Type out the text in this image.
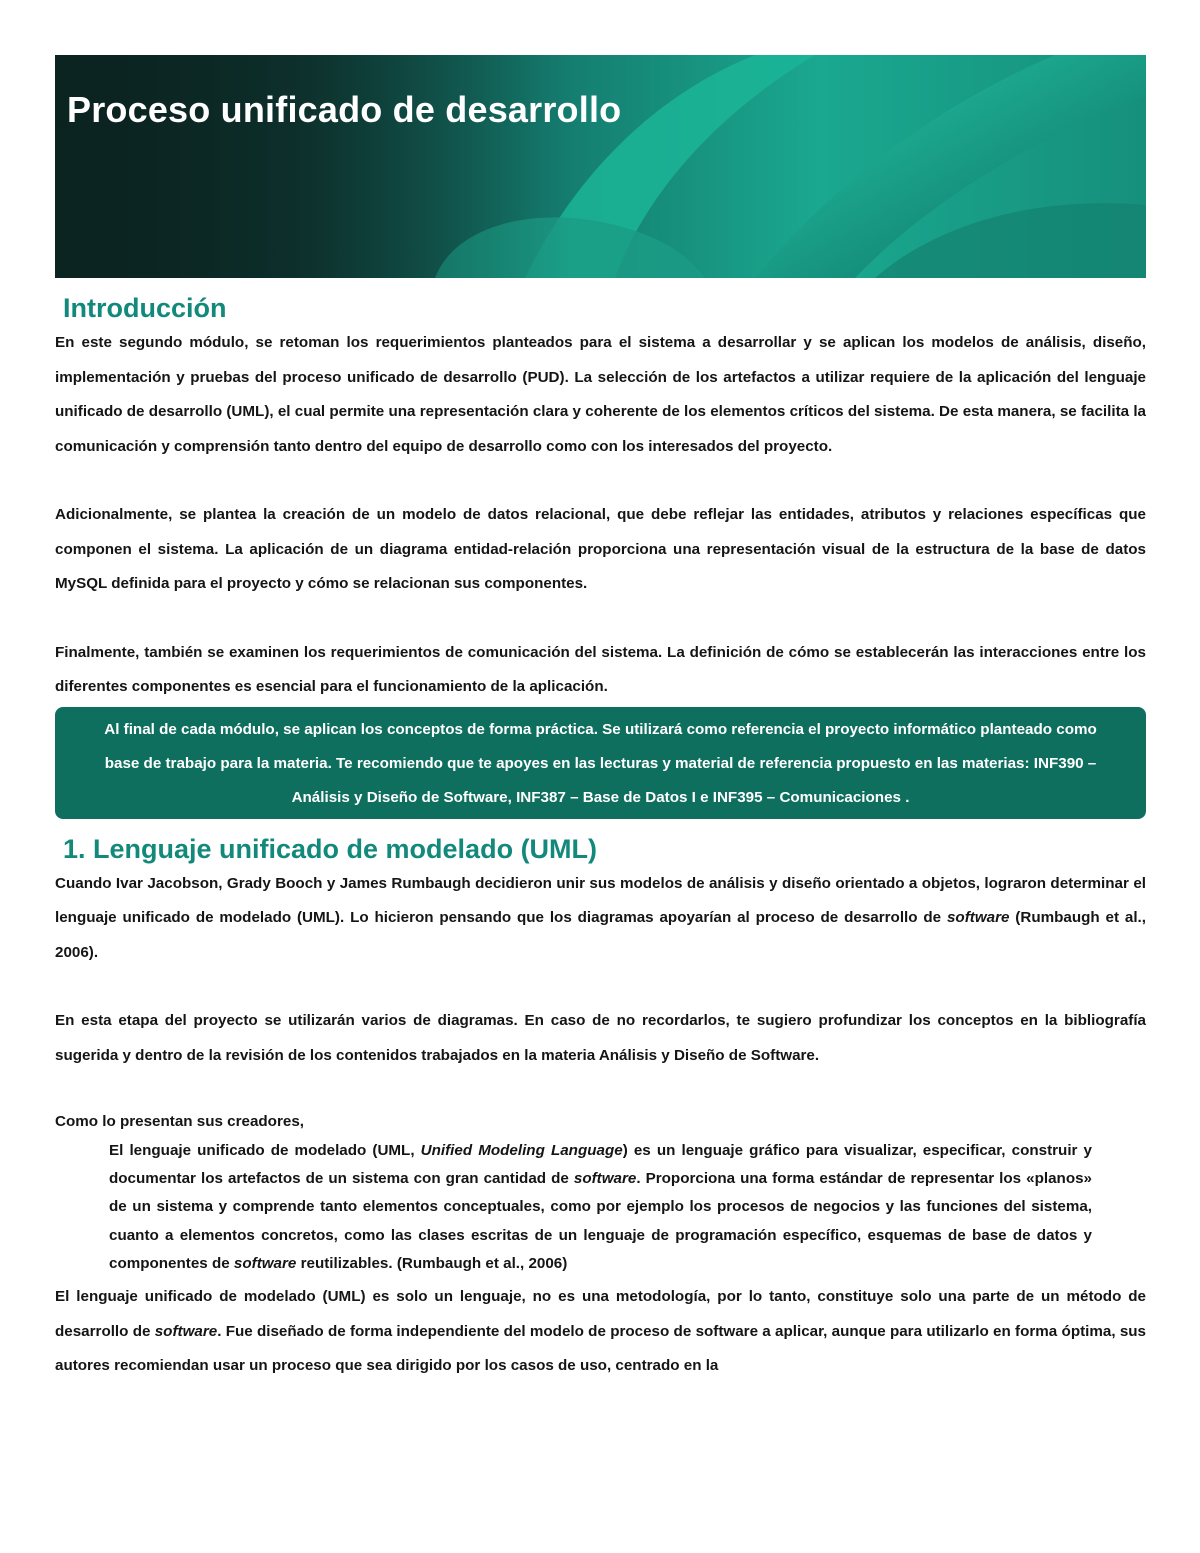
Proceso unificado de desarrollo
Introducción

En este segundo módulo, se retoman los requerimientos planteados para el sistema a desarrollar y se aplican los modelos de análisis, diseño, implementación y pruebas del proceso unificado de desarrollo (PUD). La selección de los artefactos a utilizar requiere de la aplicación del lenguaje unificado de desarrollo (UML), el cual permite una representación clara y coherente de los elementos críticos del sistema. De esta manera, se facilita la comunicación y comprensión tanto dentro del equipo de desarrollo como con los interesados del proyecto.

Adicionalmente, se plantea la creación de un modelo de datos relacional, que debe reflejar las entidades, atributos y relaciones específicas que componen el sistema. La aplicación de un diagrama entidad-relación proporciona una representación visual de la estructura de la base de datos MySQL definida para el proyecto y cómo se relacionan sus componentes.

Finalmente, también se examinen los requerimientos de comunicación del sistema. La definición de cómo se establecerán las interacciones entre los diferentes componentes es esencial para el funcionamiento de la aplicación.

Al final de cada módulo, se aplican los conceptos de forma práctica. Se utilizará como referencia el proyecto informático planteado como base de trabajo para la materia. Te recomiendo que te apoyes en las lecturas y material de referencia propuesto en las materias: INF390 – Análisis y Diseño de Software, INF387 – Base de Datos I e INF395 – Comunicaciones .
1. Lenguaje unificado de modelado (UML)

Cuando Ivar Jacobson, Grady Booch y James Rumbaugh decidieron unir sus modelos de análisis y diseño orientado a objetos, lograron determinar el lenguaje unificado de modelado (UML). Lo hicieron pensando que los diagramas apoyarían al proceso de desarrollo de software (Rumbaugh et al., 2006).

En esta etapa del proyecto se utilizarán varios de diagramas. En caso de no recordarlos, te sugiero profundizar los conceptos en la bibliografía sugerida y dentro de la revisión de los contenidos trabajados en la materia Análisis y Diseño de Software.

Como lo presentan sus creadores,

El lenguaje unificado de modelado (UML, Unified Modeling Language) es un lenguaje gráfico para visualizar, especificar, construir y documentar los artefactos de un sistema con gran cantidad de software. Proporciona una forma estándar de representar los «planos» de un sistema y comprende tanto elementos conceptuales, como por ejemplo los procesos de negocios y las funciones del sistema, cuanto a elementos concretos, como las clases escritas de un lenguaje de programación específico, esquemas de base de datos y componentes de software reutilizables. (Rumbaugh et al., 2006)

El lenguaje unificado de modelado (UML) es solo un lenguaje, no es una metodología, por lo tanto, constituye solo una parte de un método de desarrollo de software. Fue diseñado de forma independiente del modelo de proceso de software a aplicar, aunque para utilizarlo en forma óptima, sus autores recomiendan usar un proceso que sea dirigido por los casos de uso, centrado en la
